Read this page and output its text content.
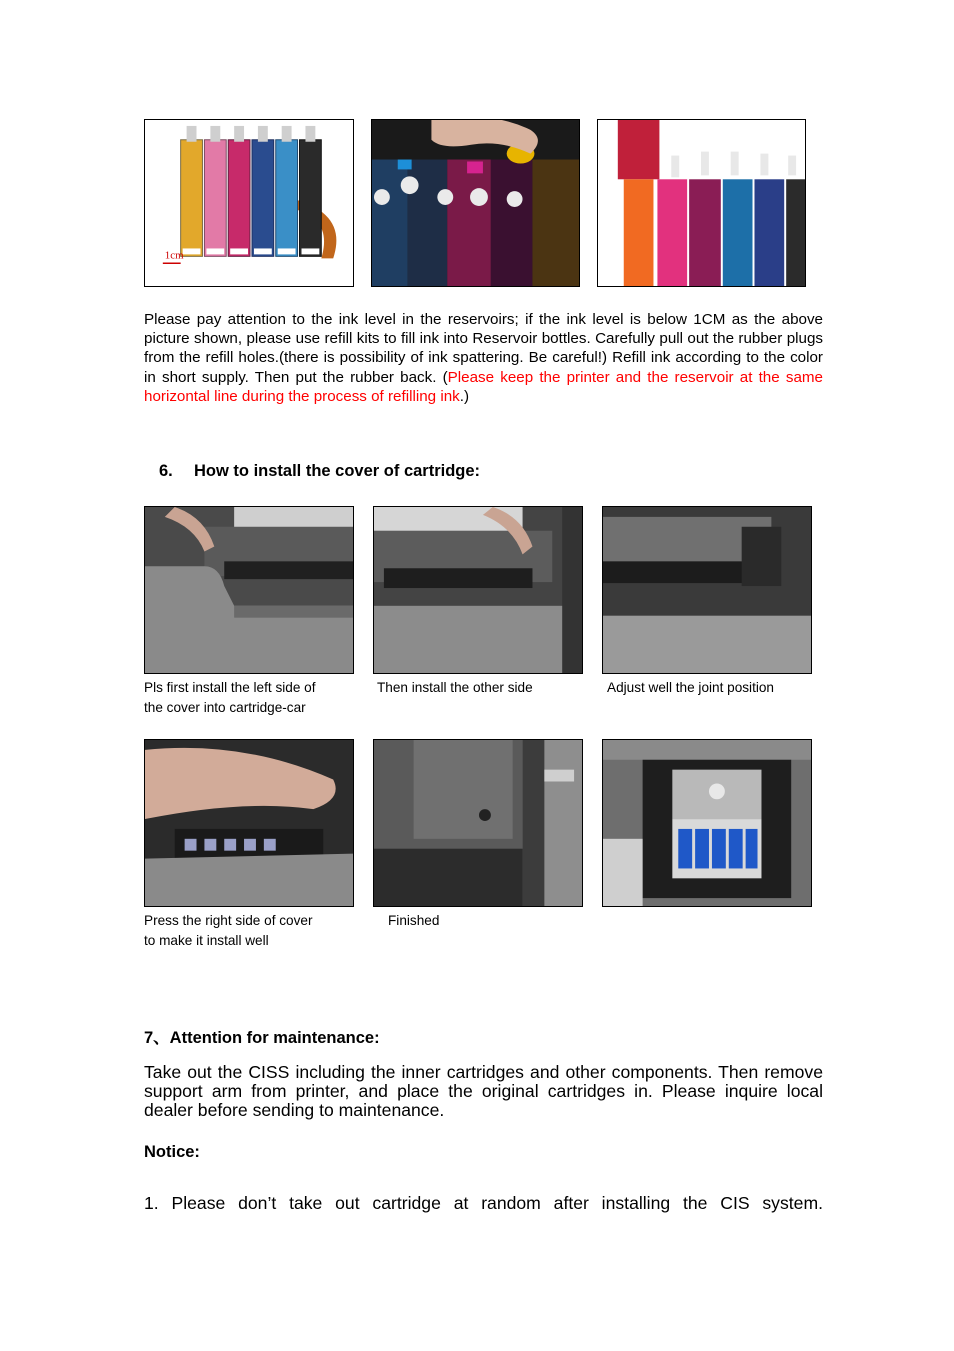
1cm
Please pay attention to the ink level in the reservoirs; if the ink level is below 1CM as the above picture shown, please use refill kits to fill ink into Reservoir bottles. Carefully pull out the rubber plugs from the refill holes.(there is possibility of ink spattering. Be careful!) Refill ink according to the color in short supply. Then put the rubber back. (Please keep the printer and the reservoir at the same horizontal line during the process of refilling ink.)
6. How to install the cover of cartridge:
Pls first install the left side of
the cover into cartridge-car
Then install the other side	Adjust well the joint position
Press the right side of cover
to make it install well
Finished
7、Attention for maintenance:
Take out the CISS including the inner cartridges and other components. Then remove support arm from printer, and place the original cartridges in. Please inquire local dealer before sending to maintenance.
Notice:
1. Please don’t take out cartridge at random after installing the CIS system.
